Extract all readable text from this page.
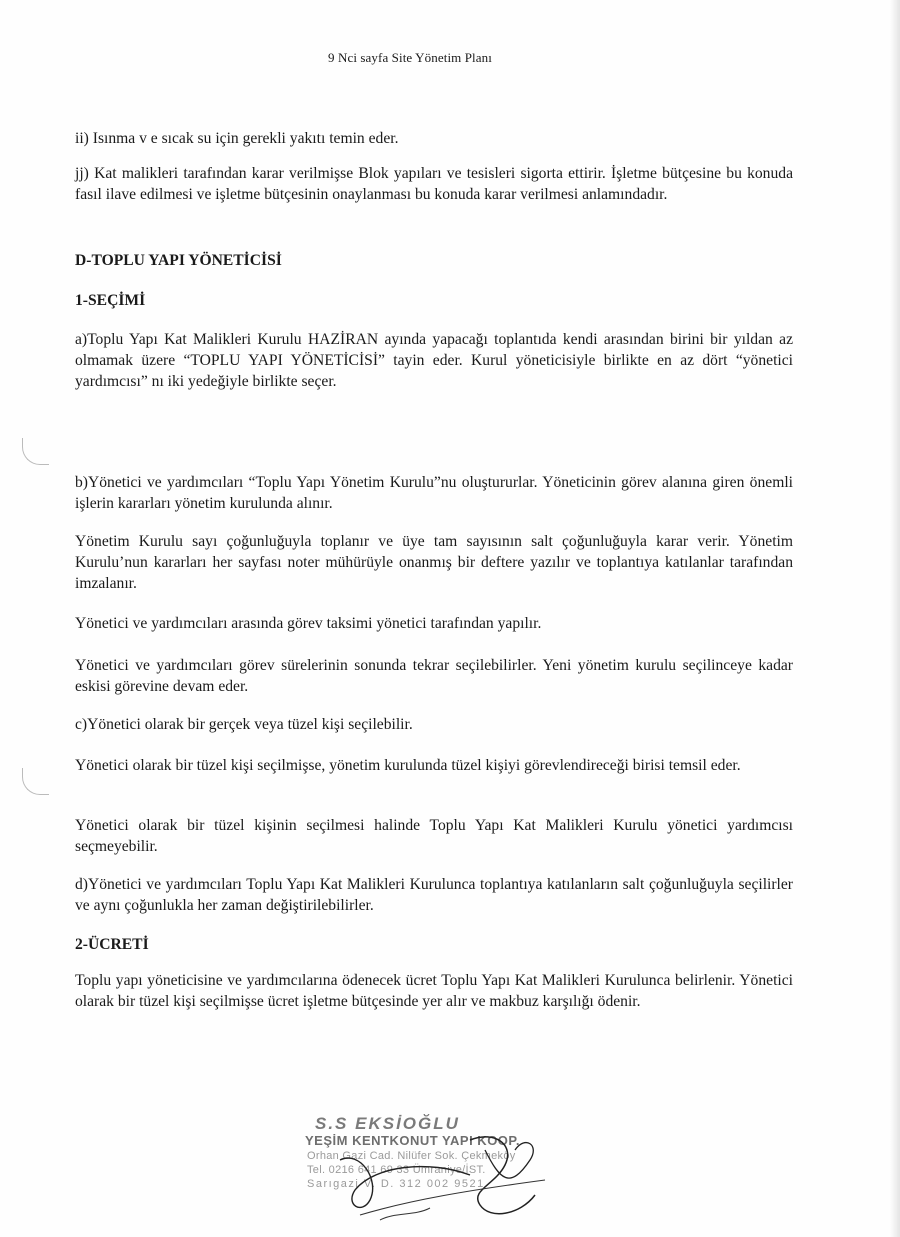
9 Nci sayfa Site Yönetim Planı
ii) Isınma v e sıcak su için gerekli yakıtı temin eder.
jj) Kat malikleri tarafından karar verilmişse Blok yapıları ve tesisleri sigorta ettirir. İşletme bütçesine bu konuda fasıl ilave edilmesi ve işletme bütçesinin onaylanması bu konuda karar verilmesi anlamındadır.
D-TOPLU YAPI YÖNETİCİSİ
1-SEÇİMİ
a)Toplu Yapı Kat Malikleri Kurulu HAZİRAN ayında yapacağı toplantıda kendi arasından birini bir yıldan az olmamak üzere “TOPLU YAPI YÖNETİCİSİ” tayin eder. Kurul yöneticisiyle birlikte en az dört “yönetici yardımcısı” nı iki yedeğiyle birlikte seçer.
b)Yönetici ve yardımcıları “Toplu Yapı Yönetim Kurulu”nu oluştururlar. Yöneticinin görev alanına giren önemli işlerin kararları yönetim kurulunda alınır.
Yönetim Kurulu sayı çoğunluğuyla toplanır ve üye tam sayısının salt çoğunluğuyla karar verir. Yönetim Kurulu’nun kararları her sayfası noter mühürüyle onanmış bir deftere yazılır ve toplantıya katılanlar tarafından imzalanır.
Yönetici ve yardımcıları arasında görev taksimi yönetici tarafından yapılır.
Yönetici ve yardımcıları görev sürelerinin sonunda tekrar seçilebilirler. Yeni yönetim kurulu seçilinceye kadar eskisi görevine devam eder.
c)Yönetici olarak bir gerçek veya tüzel kişi seçilebilir.
Yönetici olarak bir tüzel kişi seçilmişse, yönetim kurulunda tüzel kişiyi görevlendireceği birisi temsil eder.
Yönetici olarak bir tüzel kişinin seçilmesi halinde Toplu Yapı Kat Malikleri Kurulu yönetici yardımcısı seçmeyebilir.
d)Yönetici ve yardımcıları Toplu Yapı Kat Malikleri Kurulunca toplantıya katılanların salt çoğunluğuyla seçilirler ve aynı çoğunlukla her zaman değiştirilebilirler.
2-ÜCRETİ
Toplu yapı yöneticisine ve yardımcılarına ödenecek ücret Toplu Yapı Kat Malikleri Kurulunca belirlenir. Yönetici olarak bir tüzel kişi seçilmişse ücret işletme bütçesinde yer alır ve makbuz karşılığı ödenir.
S.S EKSİOĞLU
YEŞİM KENTKONUT YAPI KOOP.
Orhan Gazi Cad. Nilüfer Sok. Çekmeköy
Tel. 0216 641 69 33 Ümraniye/İST.
Sarıgazi V. D. 312 002 9521
